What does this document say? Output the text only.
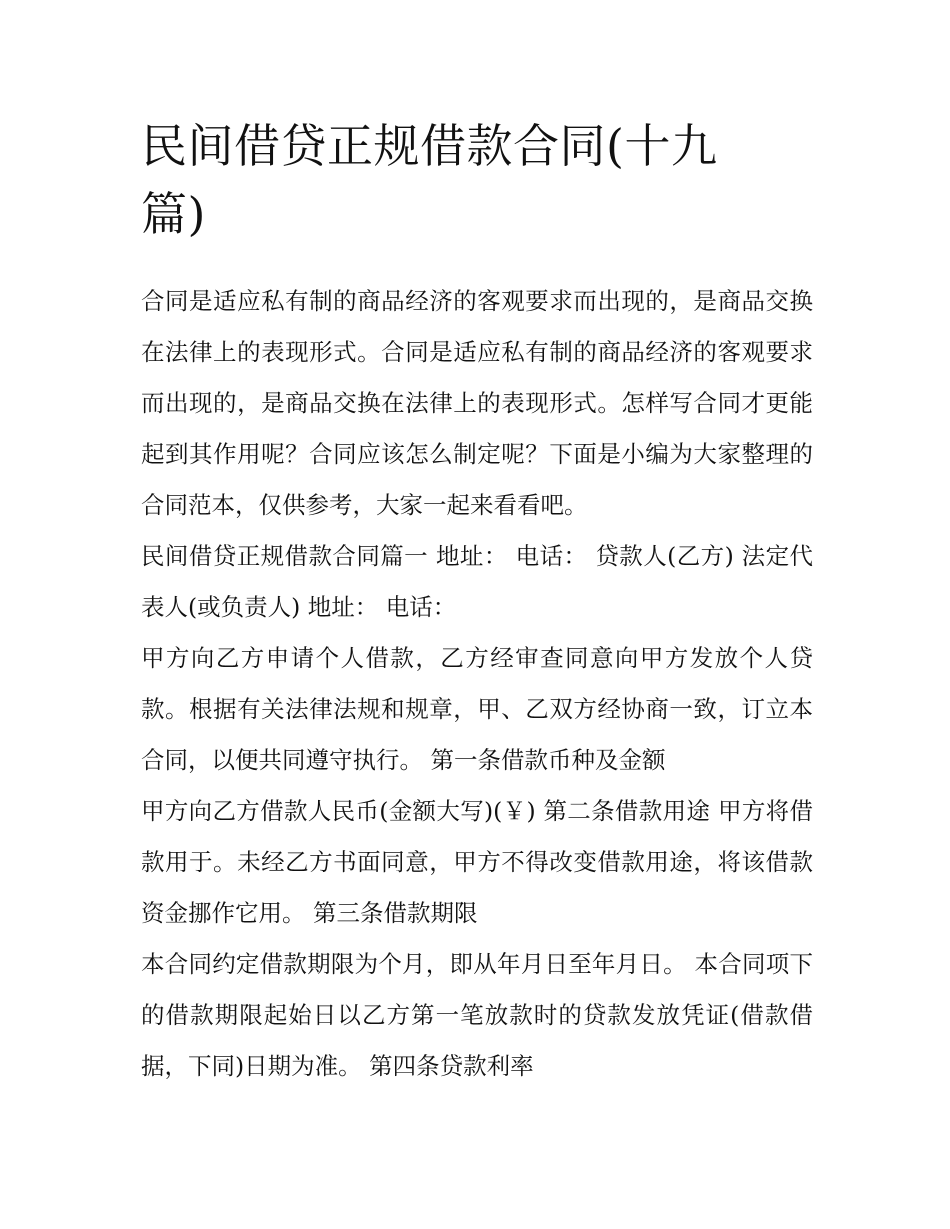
民间借贷正规借款合同(十九篇)

合同是适应私有制的商品经济的客观要求而出现的，是商品交换在法律上的表现形式。合同是适应私有制的商品经济的客观要求而出现的，是商品交换在法律上的表现形式。怎样写合同才更能起到其作用呢？合同应该怎么制定呢？下面是小编为大家整理的合同范本，仅供参考，大家一起来看看吧。

民间借贷正规借款合同篇一 地址： 电话： 贷款人(乙方) 法定代表人(或负责人) 地址： 电话：

甲方向乙方申请个人借款，乙方经审查同意向甲方发放个人贷款。根据有关法律法规和规章，甲、乙双方经协商一致，订立本合同，以便共同遵守执行。 第一条借款币种及金额

甲方向乙方借款人民币(金额大写)(￥) 第二条借款用途 甲方将借款用于。未经乙方书面同意，甲方不得改变借款用途，将该借款资金挪作它用。 第三条借款期限

本合同约定借款期限为个月，即从年月日至年月日。 本合同项下的借款期限起始日以乙方第一笔放款时的贷款发放凭证(借款借据，下同)日期为准。 第四条贷款利率
